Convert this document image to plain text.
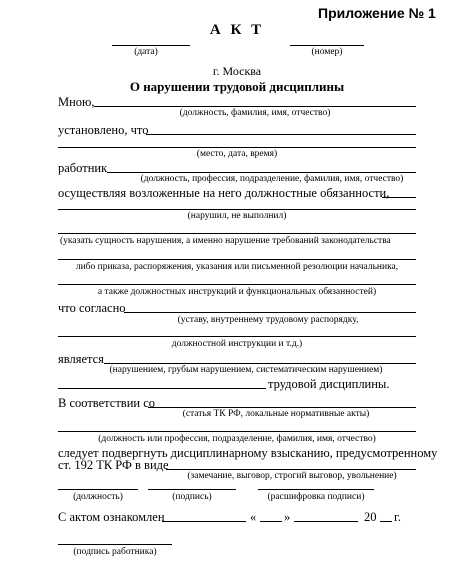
Приложение № 1
А К Т
(дата)	(номер)
г. Москва
О нарушении трудовой дисциплины
Мною,
(должность, фамилия, имя, отчество)
установлено, что
(место, дата, время)
работник
(должность, профессия, подразделение, фамилия, имя, отчество)
осуществляя возложенные на него должностные обязанности,
(нарушил, не выполнил)
(указать сущность нарушения, а именно нарушение требований законодательства
либо приказа, распоряжения, указания или письменной резолюции начальника,
а также должностных инструкций и функциональных обязанностей)
что согласно
(уставу, внутреннему трудовому распорядку,
должностной инструкции и т.д.)
является
(нарушением, грубым нарушением, систематическим нарушением)
трудовой дисциплины.
В соответствии со
(статья ТК РФ, локальные нормативные акты)
(должность или профессия, подразделение, фамилия, имя, отчество)
следует подвергнуть дисциплинарному взысканию, предусмотренному
ст. 192 ТК РФ в виде
(замечание, выговор, строгий выговор, увольнение)
(должность)	(подпись)	(расшифровка подписи)
С актом ознакомлен	« »	20 г.
(подпись работника)
